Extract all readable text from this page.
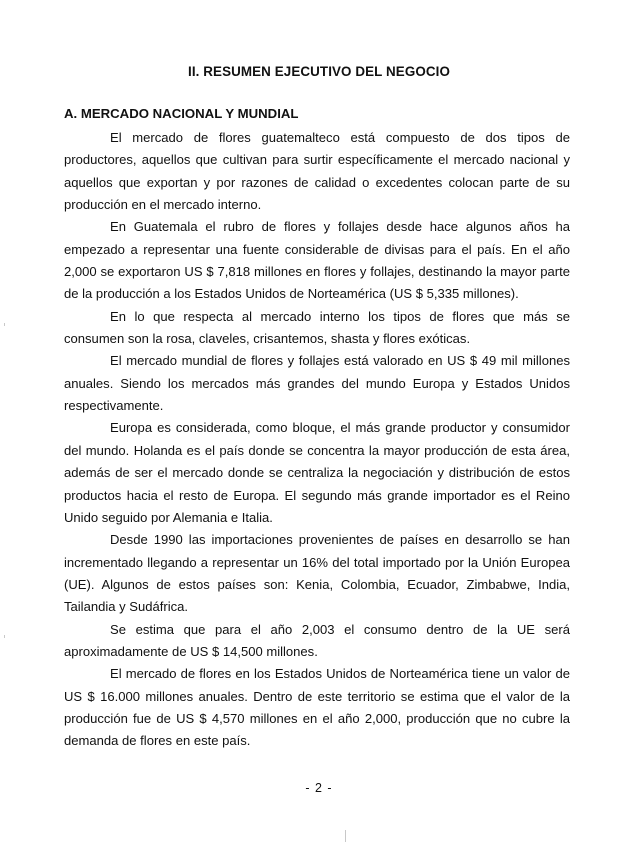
II. RESUMEN EJECUTIVO DEL NEGOCIO
A. MERCADO NACIONAL Y MUNDIAL

El mercado de flores guatemalteco está compuesto de dos tipos de productores, aquellos que cultivan para surtir específicamente el mercado nacional y aquellos que exportan y por razones de calidad o excedentes colocan parte de su producción en el mercado interno.

En Guatemala el rubro de flores y follajes desde hace algunos años ha empezado a representar una fuente considerable de divisas para el país. En el año 2,000 se exportaron US $ 7,818 millones en flores y follajes, destinando la mayor parte de la producción a los Estados Unidos de Norteamérica (US $ 5,335 millones).

En lo que respecta al mercado interno los tipos de flores que más se consumen son la rosa, claveles, crisantemos, shasta y flores exóticas.

El mercado mundial de flores y follajes está valorado en US $ 49 mil millones anuales. Siendo los mercados más grandes del mundo Europa y Estados Unidos respectivamente.

Europa es considerada, como bloque, el más grande productor y consumidor del mundo. Holanda es el país donde se concentra la mayor producción de esta área, además de ser el mercado donde se centraliza la negociación y distribución de estos productos hacia el resto de Europa. El segundo más grande importador es el Reino Unido seguido por Alemania e Italia.

Desde 1990 las importaciones provenientes de países en desarrollo se han incrementado llegando a representar un 16% del total importado por la Unión Europea (UE). Algunos de estos países son: Kenia, Colombia, Ecuador, Zimbabwe, India, Tailandia y Sudáfrica.

Se estima que para el año 2,003 el consumo dentro de la UE será aproximadamente de US $ 14,500 millones.

El mercado de flores en los Estados Unidos de Norteamérica tiene un valor de US $ 16.000 millones anuales. Dentro de este territorio se estima que el valor de la producción fue de US $ 4,570 millones en el año 2,000, producción que no cubre la demanda de flores en este país.

- 2 -
